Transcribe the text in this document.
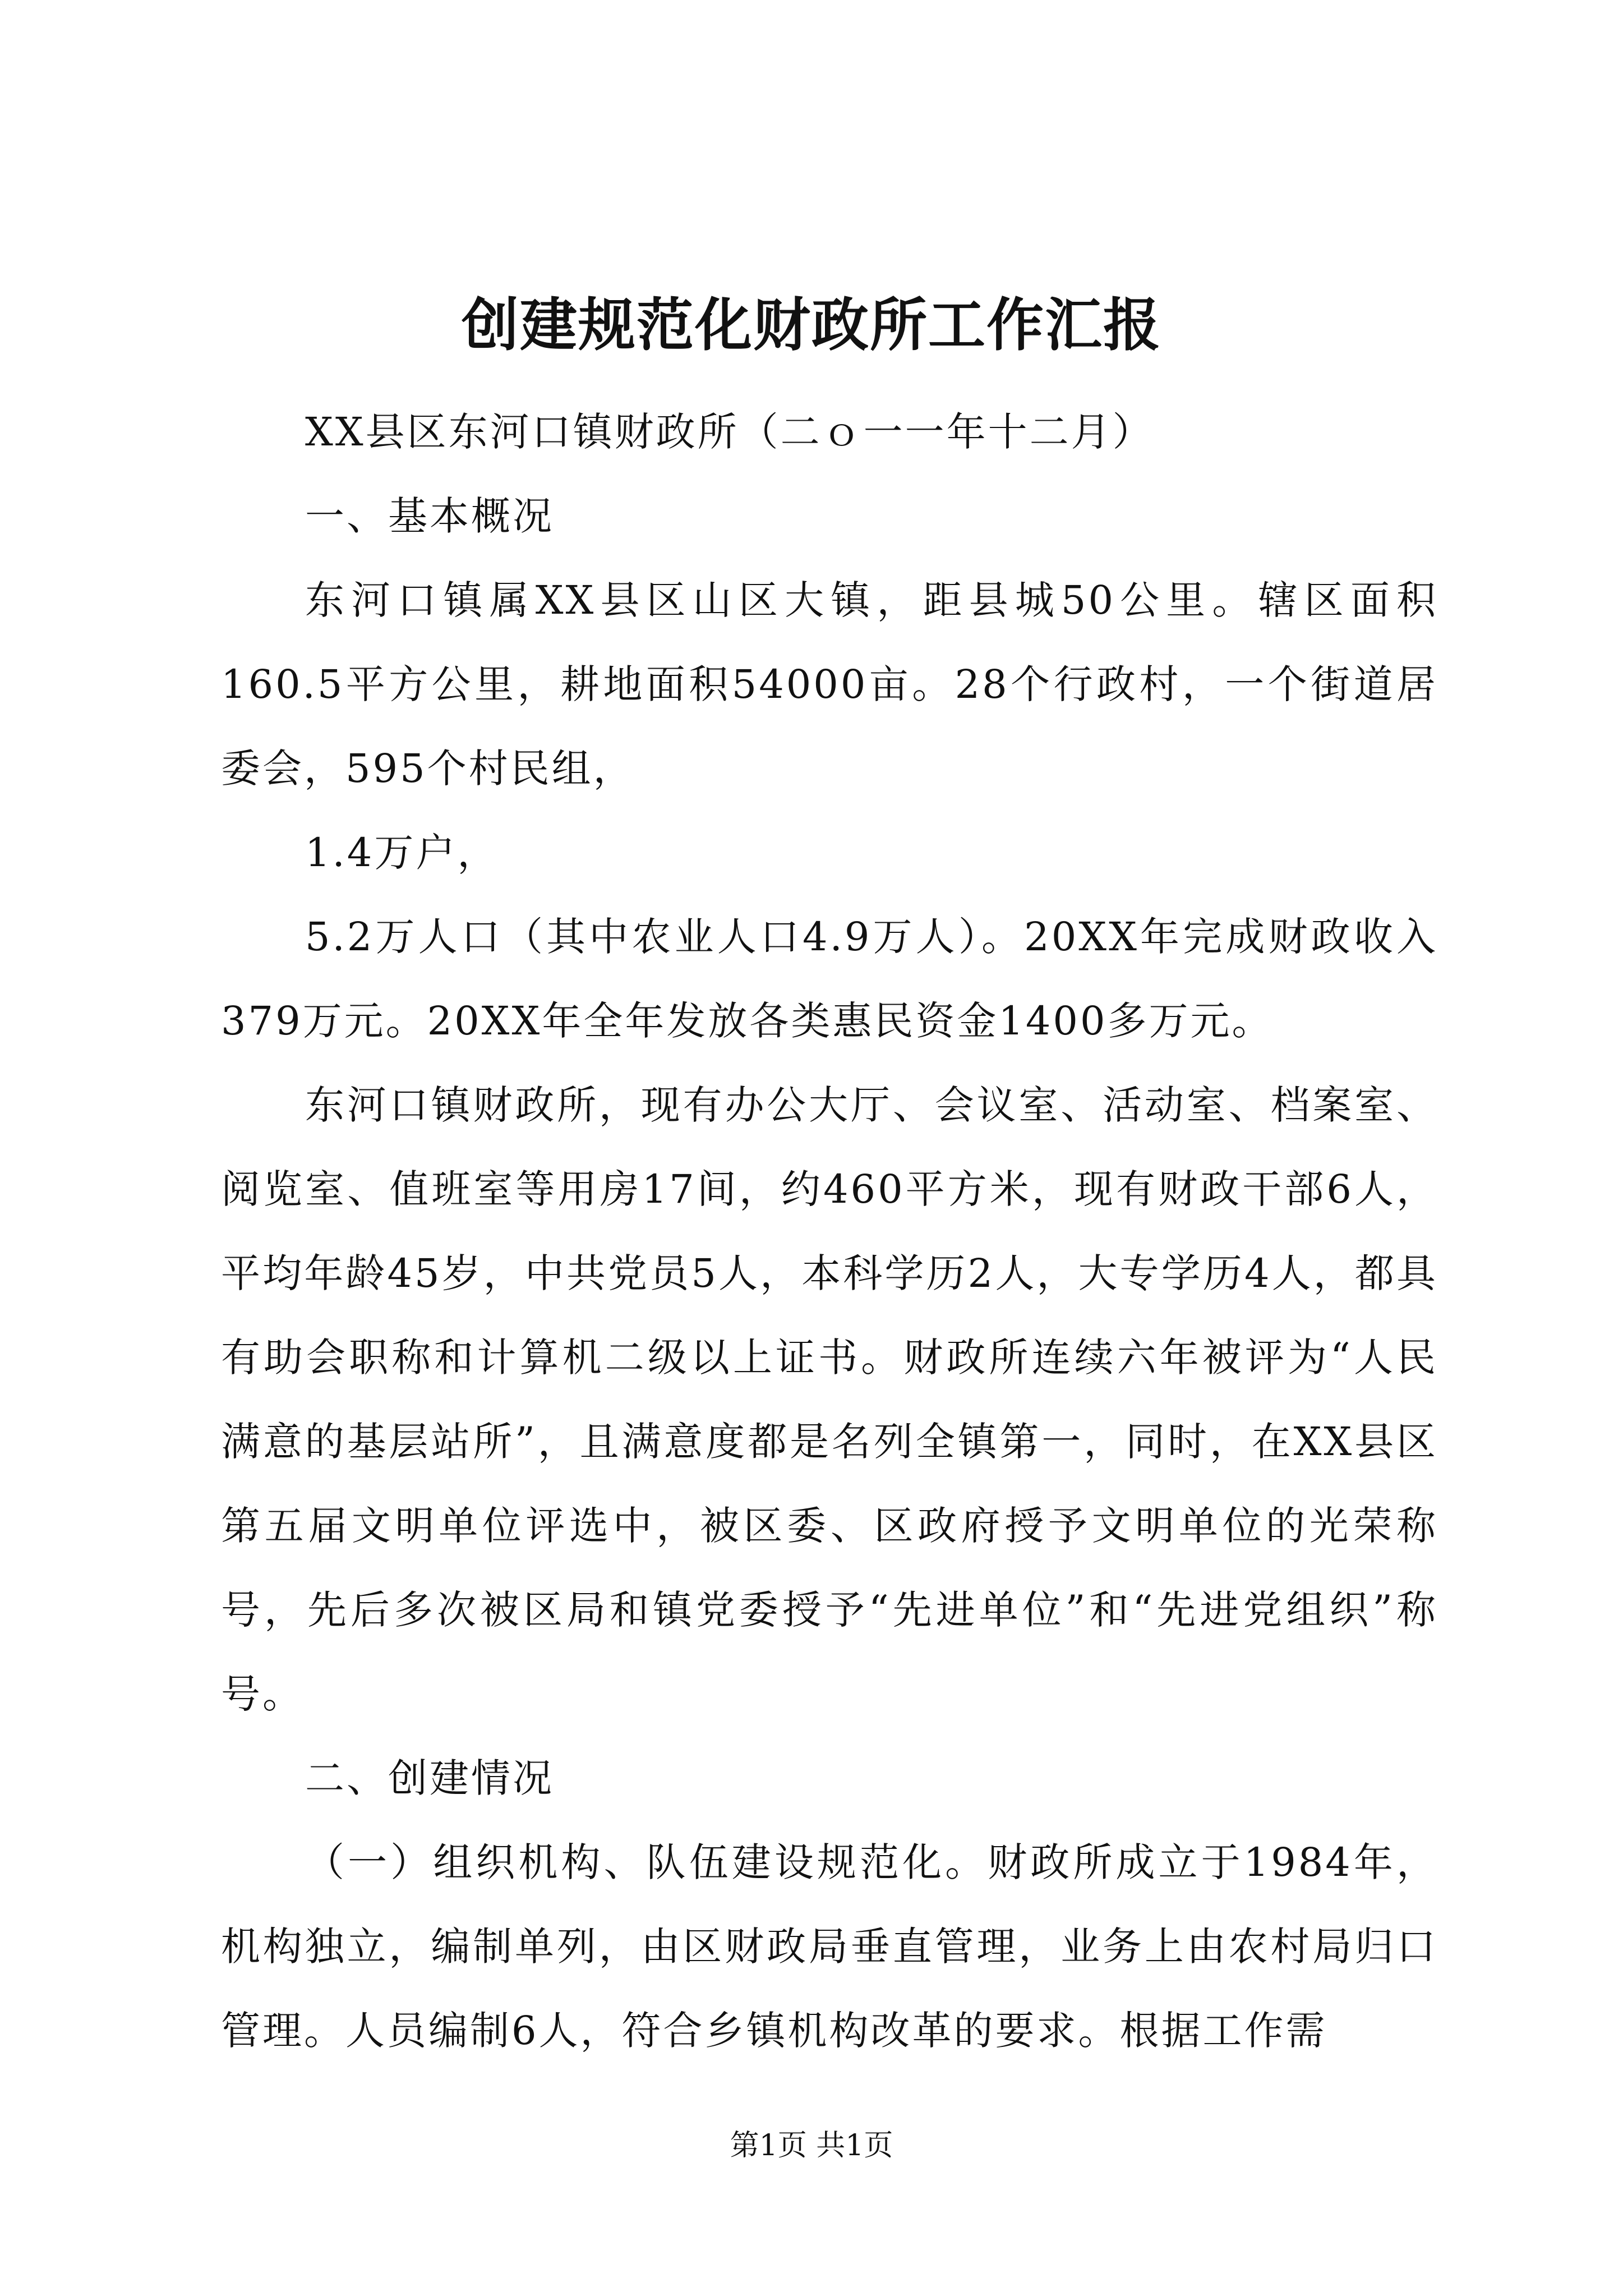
创建规范化财政所工作汇报

XX县区东河口镇财政所（二ｏ一一年十二月）

一、基本概况

东河口镇属XX县区山区大镇，距县城50公里。辖区面积160.5平方公里，耕地面积54000亩。28个行政村，一个街道居委会，595个村民组，

1.4万户，

5.2万人口（其中农业人口4.9万人）。20XX年完成财政收入379万元。20XX年全年发放各类惠民资金1400多万元。

东河口镇财政所，现有办公大厅、会议室、活动室、档案室、阅览室、值班室等用房17间，约460平方米，现有财政干部6人，平均年龄45岁，中共党员5人，本科学历2人，大专学历4人，都具有助会职称和计算机二级以上证书。财政所连续六年被评为“人民满意的基层站所”，且满意度都是名列全镇第一，同时，在XX县区第五届文明单位评选中，被区委、区政府授予文明单位的光荣称号，先后多次被区局和镇党委授予“先进单位”和“先进党组织”称号。

二、创建情况

（一）组织机构、队伍建设规范化。财政所成立于1984年，机构独立，编制单列，由区财政局垂直管理，业务上由农村局归口管理。人员编制6人，符合乡镇机构改革的要求。根据工作需

第1页 共1页
